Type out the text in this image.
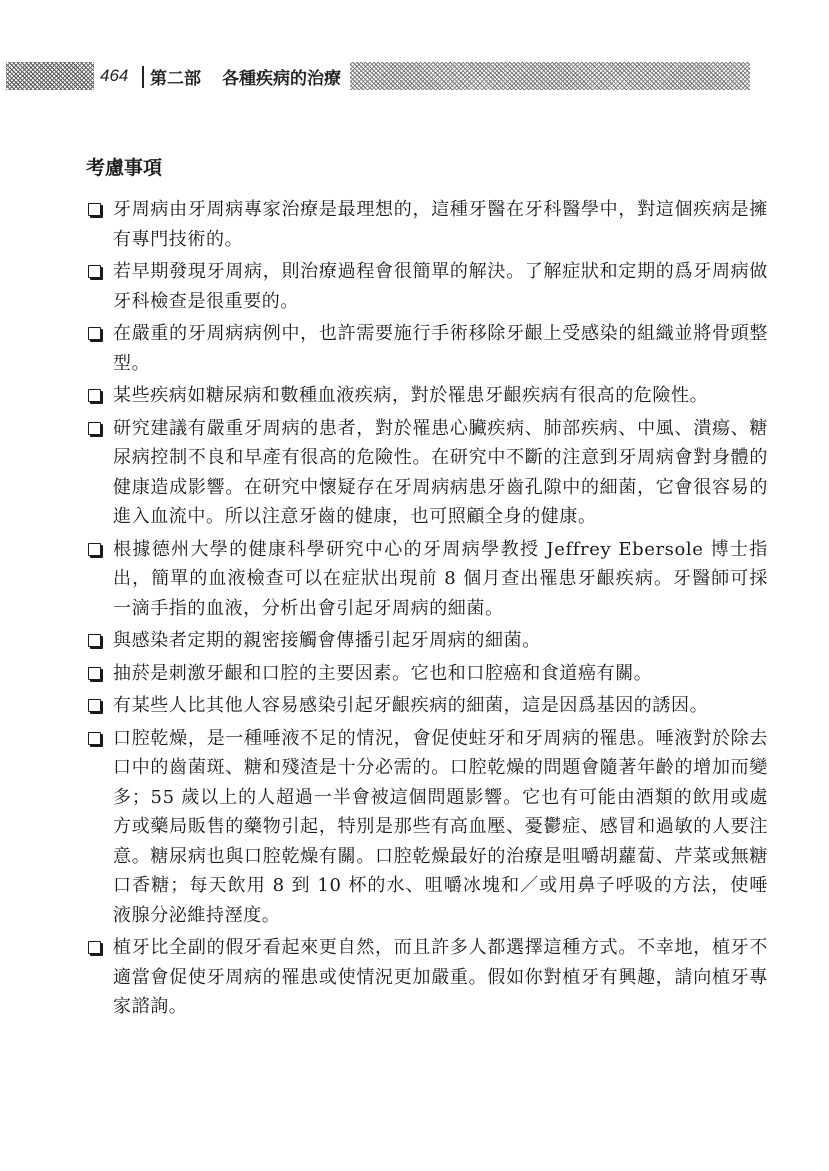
464 第二部 各種疾病的治療
考慮事項
牙周病由牙周病專家治療是最理想的，這種牙醫在牙科醫學中，對這個疾病是擁有專門技術的。
若早期發現牙周病，則治療過程會很簡單的解決。了解症狀和定期的爲牙周病做牙科檢查是很重要的。
在嚴重的牙周病病例中，也許需要施行手術移除牙齦上受感染的組織並將骨頭整型。
某些疾病如糖尿病和數種血液疾病，對於罹患牙齦疾病有很高的危險性。
研究建議有嚴重牙周病的患者，對於罹患心臟疾病、肺部疾病、中風、潰瘍、糖尿病控制不良和早產有很高的危險性。在研究中不斷的注意到牙周病會對身體的健康造成影響。在研究中懷疑存在牙周病病患牙齒孔隙中的細菌，它會很容易的進入血流中。所以注意牙齒的健康，也可照顧全身的健康。
根據德州大學的健康科學研究中心的牙周病學教授 Jeffrey Ebersole 博士指出，簡單的血液檢查可以在症狀出現前 8 個月查出罹患牙齦疾病。牙醫師可採一滴手指的血液，分析出會引起牙周病的細菌。
與感染者定期的親密接觸會傳播引起牙周病的細菌。
抽菸是刺激牙齦和口腔的主要因素。它也和口腔癌和食道癌有關。
有某些人比其他人容易感染引起牙齦疾病的細菌，這是因爲基因的誘因。
口腔乾燥，是一種唾液不足的情況，會促使蛀牙和牙周病的罹患。唾液對於除去口中的齒菌斑、糖和殘渣是十分必需的。口腔乾燥的問題會隨著年齡的增加而變多；55 歲以上的人超過一半會被這個問題影響。它也有可能由酒類的飲用或處方或藥局販售的藥物引起，特別是那些有高血壓、憂鬱症、感冒和過敏的人要注意。糖尿病也與口腔乾燥有關。口腔乾燥最好的治療是咀嚼胡蘿蔔、芹菜或無糖口香糖；每天飲用 8 到 10 杯的水、咀嚼冰塊和／或用鼻子呼吸的方法，使唾液腺分泌維持溼度。
植牙比全副的假牙看起來更自然，而且許多人都選擇這種方式。不幸地，植牙不適當會促使牙周病的罹患或使情況更加嚴重。假如你對植牙有興趣，請向植牙專家諮詢。
